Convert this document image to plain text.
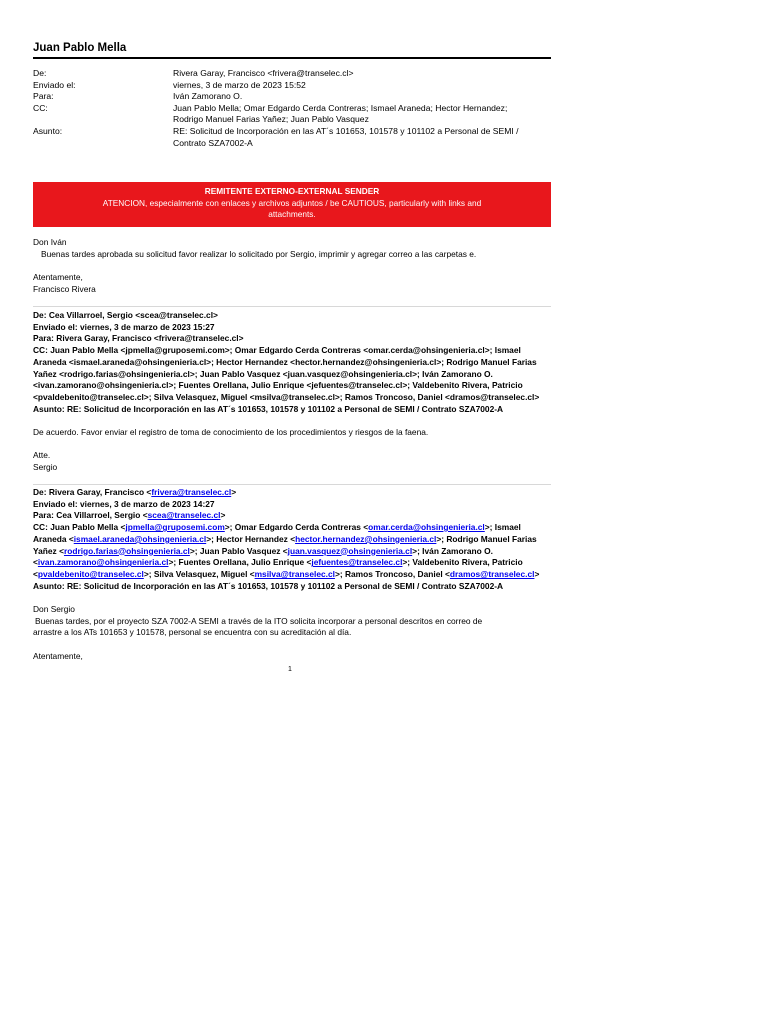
Juan Pablo Mella
De:	Rivera Garay, Francisco <frivera@transelec.cl>
Enviado el:	viernes, 3 de marzo de 2023 15:52
Para:	Iván Zamorano O.
CC:	Juan Pablo Mella; Omar Edgardo Cerda Contreras; Ismael Araneda; Hector Hernandez;
Rodrigo Manuel Farias Yañez; Juan Pablo Vasquez
Asunto:	RE: Solicitud de Incorporación en las AT´s 101653, 101578 y 101102 a Personal de SEMI /
Contrato SZA7002-A
REMITENTE EXTERNO-EXTERNAL SENDER
ATENCION, especialmente con enlaces y archivos adjuntos / be CAUTIOUS, particularly with links and
attachments.
Don Iván
Buenas tardes aprobada su solicitud favor realizar lo solicitado por Sergio, imprimir y agregar correo a las carpetas e.
Atentamente,
Francisco Rivera
De: Cea Villarroel, Sergio <scea@transelec.cl>
Enviado el: viernes, 3 de marzo de 2023 15:27
Para: Rivera Garay, Francisco <frivera@transelec.cl>
CC: Juan Pablo Mella <jpmella@gruposemi.com>; Omar Edgardo Cerda Contreras <omar.cerda@ohsingenieria.cl>; Ismael
Araneda <ismael.araneda@ohsingenieria.cl>; Hector Hernandez <hector.hernandez@ohsingenieria.cl>; Rodrigo Manuel Farias
Yañez <rodrigo.farias@ohsingenieria.cl>; Juan Pablo Vasquez <juan.vasquez@ohsingenieria.cl>; Iván Zamorano O.
<ivan.zamorano@ohsingenieria.cl>; Fuentes Orellana, Julio Enrique <jefuentes@transelec.cl>; Valdebenito Rivera, Patricio
<pvaldebenito@transelec.cl>; Silva Velasquez, Miguel <msilva@transelec.cl>; Ramos Troncoso, Daniel <dramos@transelec.cl>
Asunto: RE: Solicitud de Incorporación en las AT´s 101653, 101578 y 101102 a Personal de SEMI / Contrato SZA7002-A
De acuerdo. Favor enviar el registro de toma de conocimiento de los procedimientos y riesgos de la faena.
Atte.
Sergio
De: Rivera Garay, Francisco <frivera@transelec.cl>
Enviado el: viernes, 3 de marzo de 2023 14:27
Para: Cea Villarroel, Sergio <scea@transelec.cl>
CC: Juan Pablo Mella <jpmella@gruposemi.com>; Omar Edgardo Cerda Contreras <omar.cerda@ohsingenieria.cl>; Ismael
Araneda <ismael.araneda@ohsingenieria.cl>; Hector Hernandez <hector.hernandez@ohsingenieria.cl>; Rodrigo Manuel Farias
Yañez <rodrigo.farias@ohsingenieria.cl>; Juan Pablo Vasquez <juan.vasquez@ohsingenieria.cl>; Iván Zamorano O.
<ivan.zamorano@ohsingenieria.cl>; Fuentes Orellana, Julio Enrique <jefuentes@transelec.cl>; Valdebenito Rivera, Patricio
<pvaldebenito@transelec.cl>; Silva Velasquez, Miguel <msilva@transelec.cl>; Ramos Troncoso, Daniel <dramos@transelec.cl>
Asunto: RE: Solicitud de Incorporación en las AT´s 101653, 101578 y 101102 a Personal de SEMI / Contrato SZA7002-A
Don Sergio
Buenas tardes, por el proyecto SZA 7002-A SEMI a través de la ITO solicita incorporar a personal descritos en correo de
arrastre a los ATs 101653 y 101578, personal se encuentra con su acreditación al día.
Atentamente,
1
